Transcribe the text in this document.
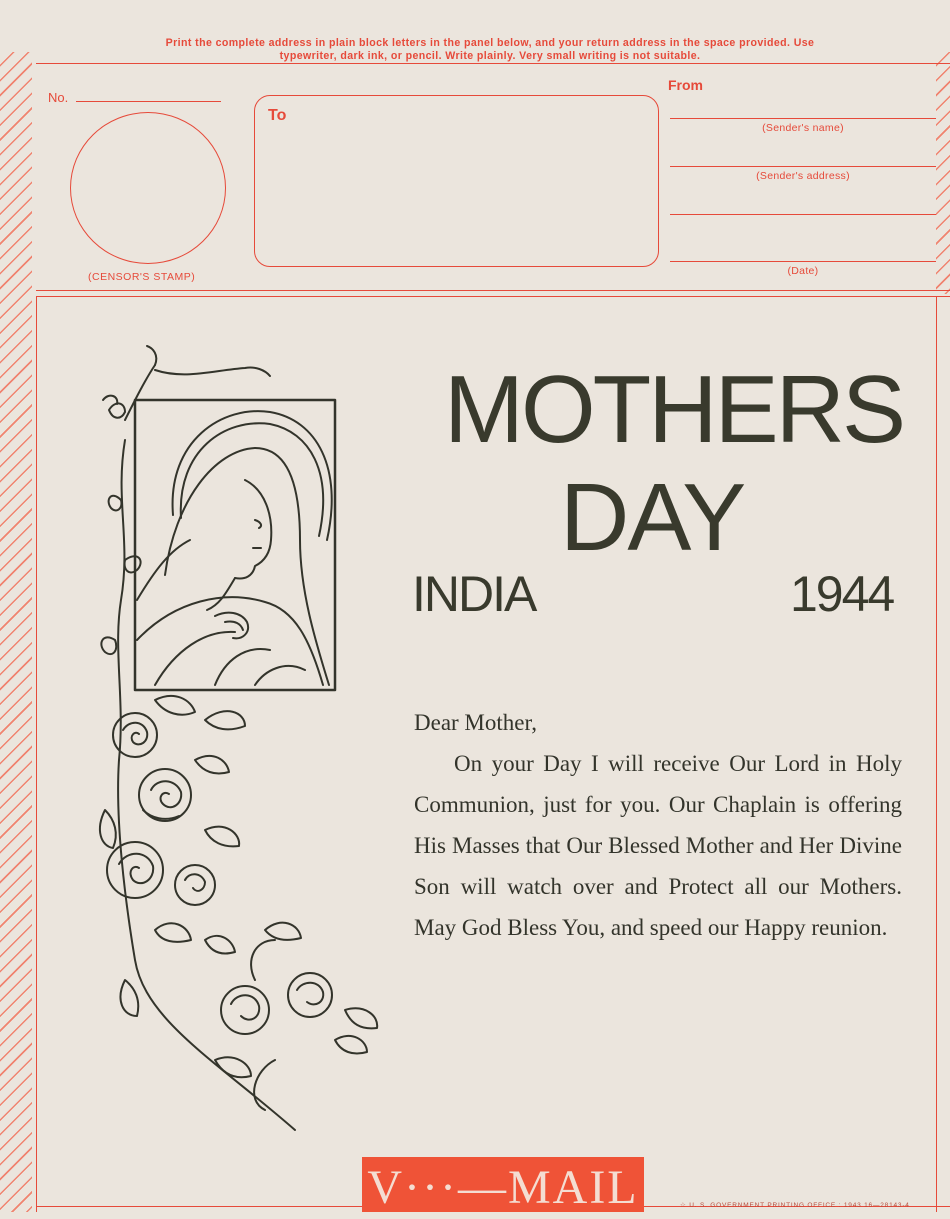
Print the complete address in plain block letters in the panel below, and your return address in the space provided. Use typewriter, dark ink, or pencil. Write plainly. Very small writing is not suitable.
No.
(CENSOR'S STAMP)
To
From
(Sender's name)
(Sender's address)
(Date)
MOTHERS
DAY
INDIA	1944
Dear Mother,
On your Day I will receive Our Lord in Holy Communion, just for you. Our Chaplain is offering His Masses that Our Blessed Mother and Her Divine Son will watch over and Protect all our Mothers. May God Bless You, and speed our Happy reunion.
V···—MAIL	☆ U. S. GOVERNMENT PRINTING OFFICE : 1943 16—28143-4
